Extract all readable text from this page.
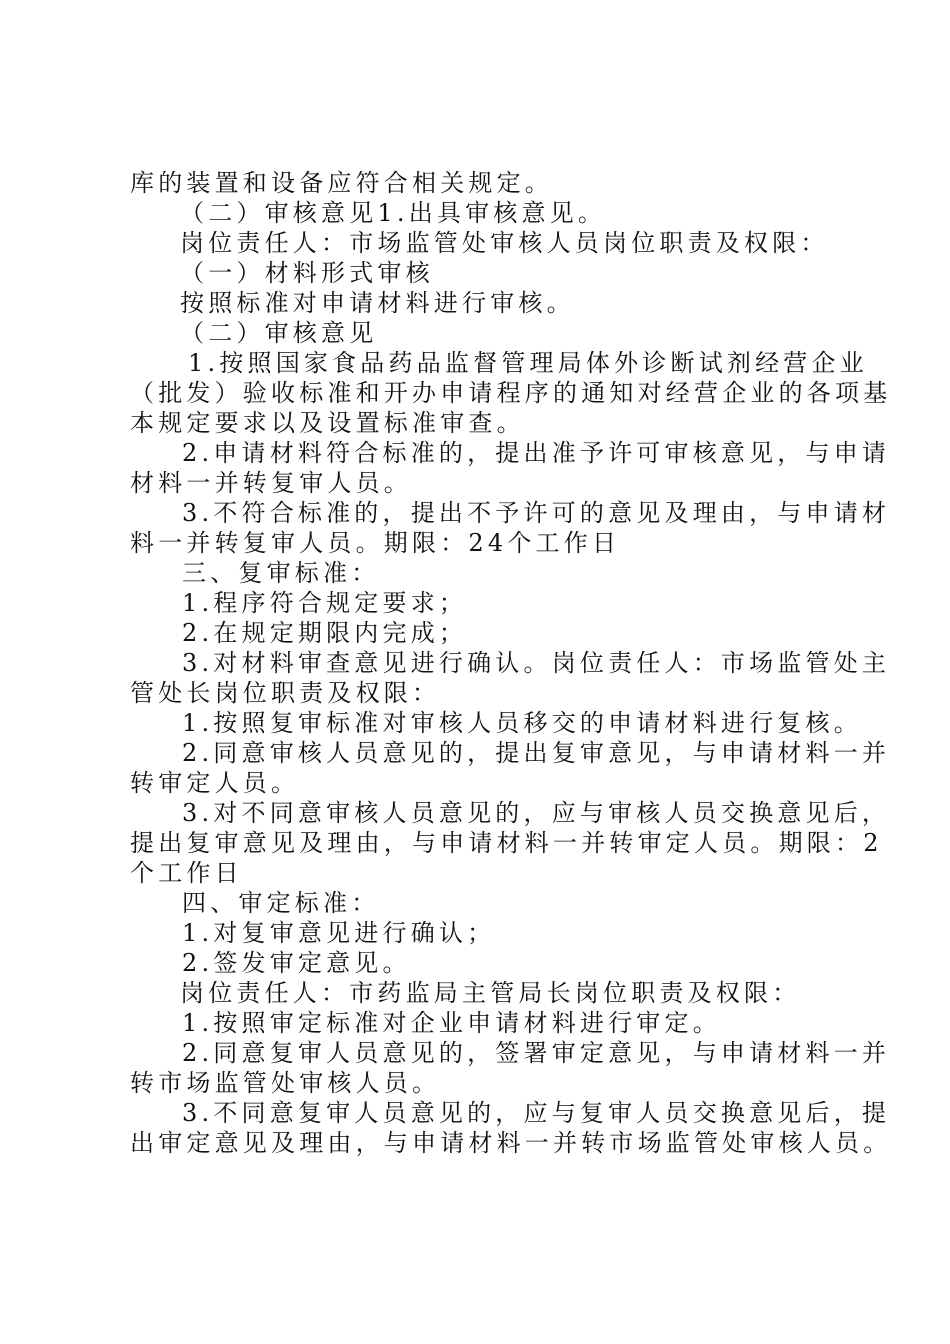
库的装置和设备应符合相关规定。
（二）审核意见1.出具审核意见。
岗位责任人：市场监管处审核人员岗位职责及权限：
（一）材料形式审核
按照标准对申请材料进行审核。
（二）审核意见
1.按照国家食品药品监督管理局体外诊断试剂经营企业
（批发）验收标准和开办申请程序的通知对经营企业的各项基
本规定要求以及设置标准审查。
2.申请材料符合标准的，提出准予许可审核意见，与申请
材料一并转复审人员。
3.不符合标准的，提出不予许可的意见及理由，与申请材
料一并转复审人员。期限：24个工作日
三、复审标准：
1.程序符合规定要求；
2.在规定期限内完成；
3.对材料审查意见进行确认。岗位责任人：市场监管处主
管处长岗位职责及权限：
1.按照复审标准对审核人员移交的申请材料进行复核。
2.同意审核人员意见的，提出复审意见，与申请材料一并
转审定人员。
3.对不同意审核人员意见的，应与审核人员交换意见后，
提出复审意见及理由，与申请材料一并转审定人员。期限：2
个工作日
四、审定标准：
1.对复审意见进行确认；
2.签发审定意见。
岗位责任人：市药监局主管局长岗位职责及权限：
1.按照审定标准对企业申请材料进行审定。
2.同意复审人员意见的，签署审定意见，与申请材料一并
转市场监管处审核人员。
3.不同意复审人员意见的，应与复审人员交换意见后，提
出审定意见及理由，与申请材料一并转市场监管处审核人员。
